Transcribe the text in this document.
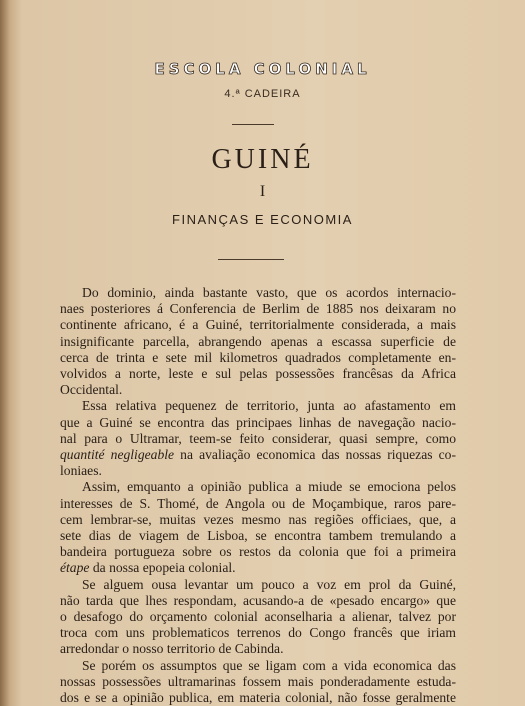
ESCOLA COLONIAL
4.ª CADEIRA
GUINÉ
I
FINANÇAS E ECONOMIA
Do dominio, ainda bastante vasto, que os acordos internacio-
naes posteriores á Conferencia de Berlim de 1885 nos deixaram no
continente africano, é a Guiné, territorialmente considerada, a mais
insignificante parcella, abrangendo apenas a escassa superficie de
cerca de trinta e sete mil kilometros quadrados completamente en-
volvidos a norte, leste e sul pelas possessões francêsas da Africa
Occidental.
Essa relativa pequenez de territorio, junta ao afastamento em
que a Guiné se encontra das principaes linhas de navegação nacio-
nal para o Ultramar, teem-se feito considerar, quasi sempre, como
quantité negligeable na avaliação economica das nossas riquezas co-
loniaes.
Assim, emquanto a opinião publica a miude se emociona pelos
interesses de S. Thomé, de Angola ou de Moçambique, raros pare-
cem lembrar-se, muitas vezes mesmo nas regiões officiaes, que, a
sete dias de viagem de Lisboa, se encontra tambem tremulando a
bandeira portugueza sobre os restos da colonia que foi a primeira
étape da nossa epopeia colonial.
Se alguem ousa levantar um pouco a voz em prol da Guiné,
não tarda que lhes respondam, acusando-a de «pesado encargo» que
o desafogo do orçamento colonial aconselharia a alienar, talvez por
troca com uns problematicos terrenos do Congo francês que iriam
arredondar o nosso territorio de Cabinda.
Se porém os assumptos que se ligam com a vida economica das
nossas possessões ultramarinas fossem mais ponderadamente estuda-
dos e se a opinião publica, em materia colonial, não fosse geralmente
